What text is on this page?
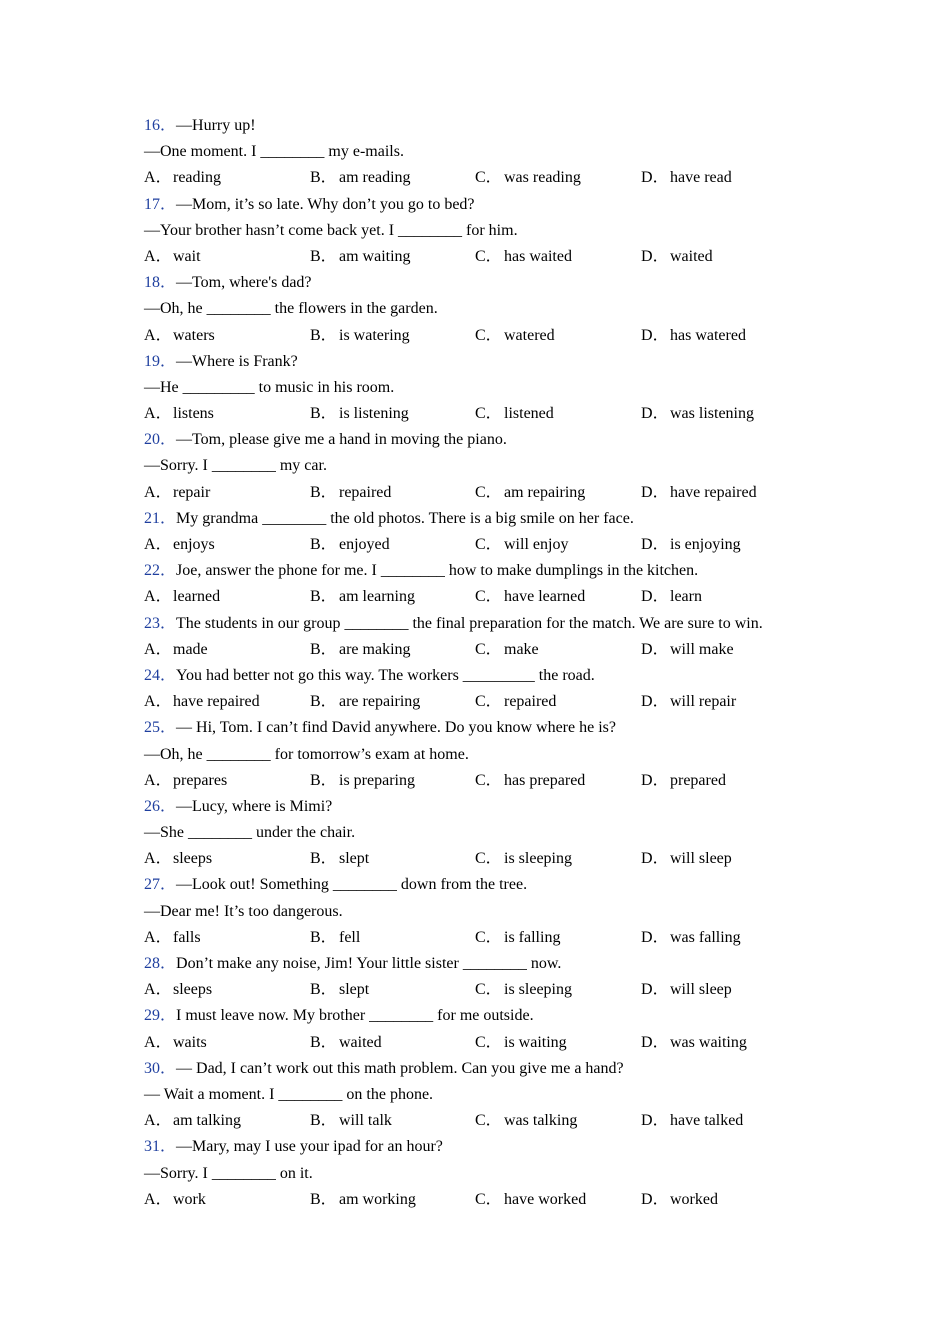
16．—Hurry up!
—One moment. I ________ my e-mails.
A．reading	B． am reading	C． was reading	D．have read
17．—Mom, it’s so late. Why don’t you go to bed?
—Your brother hasn’t come back yet. I ________ for him.
A．wait	B． am waiting	C． has waited	D．waited
18．—Tom, where's dad?
—Oh, he ________ the flowers in the garden.
A．waters	B． is watering	C． watered	D．has watered
19．—Where is Frank?
—He _________ to music in his room.
A．listens	B． is listening	C． listened	D．was listening
20．—Tom, please give me a hand in moving the piano.
—Sorry. I ________ my car.
A．repair	B． repaired	C． am repairing	D．have repaired
21．My grandma ________ the old photos. There is a big smile on her face.
A．enjoys	B． enjoyed	C． will enjoy	D．is enjoying
22．Joe, answer the phone for me. I ________ how to make dumplings in the kitchen.
A．learned	B． am learning	C． have learned	D．learn
23．The students in our group ________ the final preparation for the match. We are sure to win.
A．made	B． are making	C． make	D．will make
24．You had better not go this way. The workers _________ the road.
A．have repaired	B． are repairing	C． repaired	D．will repair
25．— Hi, Tom. I can’t find David anywhere. Do you know where he is?
—Oh, he ________ for tomorrow’s exam at home.
A．prepares	B． is preparing	C． has prepared	D．prepared
26．—Lucy, where is Mimi?
—She ________ under the chair.
A．sleeps	B． slept	C． is sleeping	D．will sleep
27．—Look out! Something ________ down from the tree.
—Dear me! It’s too dangerous.
A．falls	B． fell	C． is falling	D．was falling
28．Don’t make any noise, Jim! Your little sister ________ now.
A．sleeps	B． slept	C． is sleeping	D．will sleep
29．I must leave now. My brother ________ for me outside.
A．waits	B． waited	C． is waiting	D．was waiting
30．— Dad, I can’t work out this math problem. Can you give me a hand?
— Wait a moment. I ________ on the phone.
A．am talking	B． will talk	C． was talking	D．have talked
31．—Mary, may I use your ipad for an hour?
—Sorry. I ________ on it.
A．work	B． am working	C． have worked	D．worked
